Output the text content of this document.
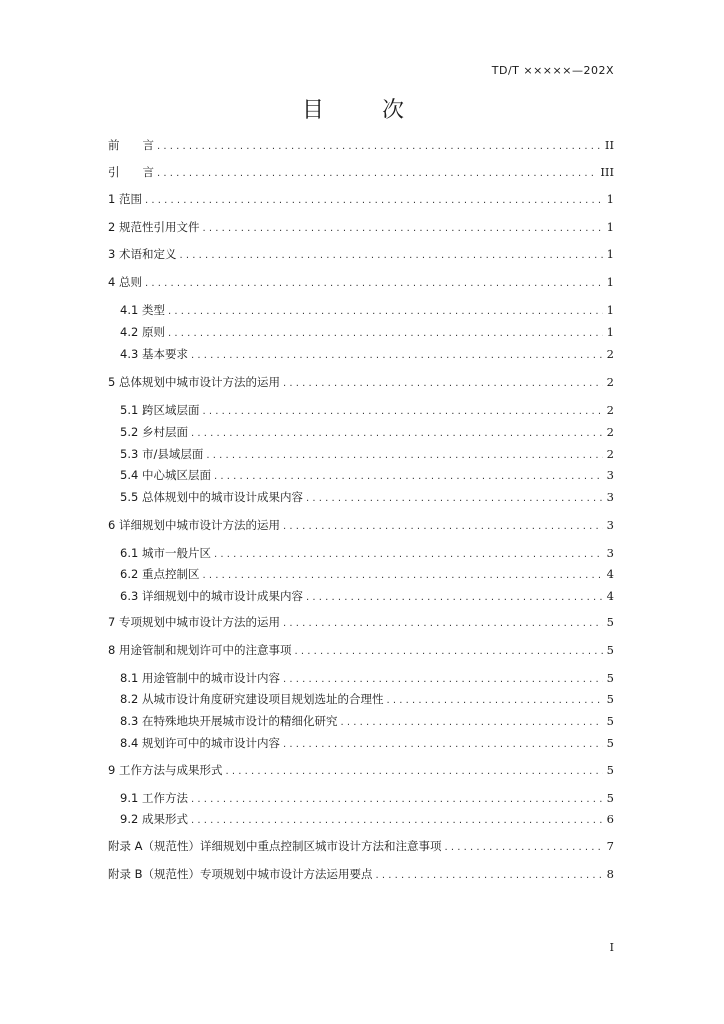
TD/T ×××××—202X
目　次
前　　言 .....	II
引　　言 .....	III
1 范围 .....	1
2 规范性引用文件 .....	1
3 术语和定义 .....	1
4 总则 .....	1
4.1 类型 .....	1
4.2 原则 .....	1
4.3 基本要求 .....	2
5 总体规划中城市设计方法的运用 .....	2
5.1 跨区域层面 .....	2
5.2 乡村层面 .....	2
5.3 市/县域层面 .....	2
5.4 中心城区层面 .....	3
5.5 总体规划中的城市设计成果内容 .....	3
6 详细规划中城市设计方法的运用 .....	3
6.1 城市一般片区 .....	3
6.2 重点控制区 .....	4
6.3 详细规划中的城市设计成果内容 .....	4
7 专项规划中城市设计方法的运用 .....	5
8 用途管制和规划许可中的注意事项 .....	5
8.1 用途管制中的城市设计内容 .....	5
8.2 从城市设计角度研究建设项目规划选址的合理性 .....	5
8.3 在特殊地块开展城市设计的精细化研究 .....	5
8.4 规划许可中的城市设计内容 .....	5
9 工作方法与成果形式 .....	5
9.1 工作方法 .....	5
9.2 成果形式 .....	6
附录 A（规范性）详细规划中重点控制区城市设计方法和注意事项 .....	7
附录 B（规范性）专项规划中城市设计方法运用要点 .....	8
I
